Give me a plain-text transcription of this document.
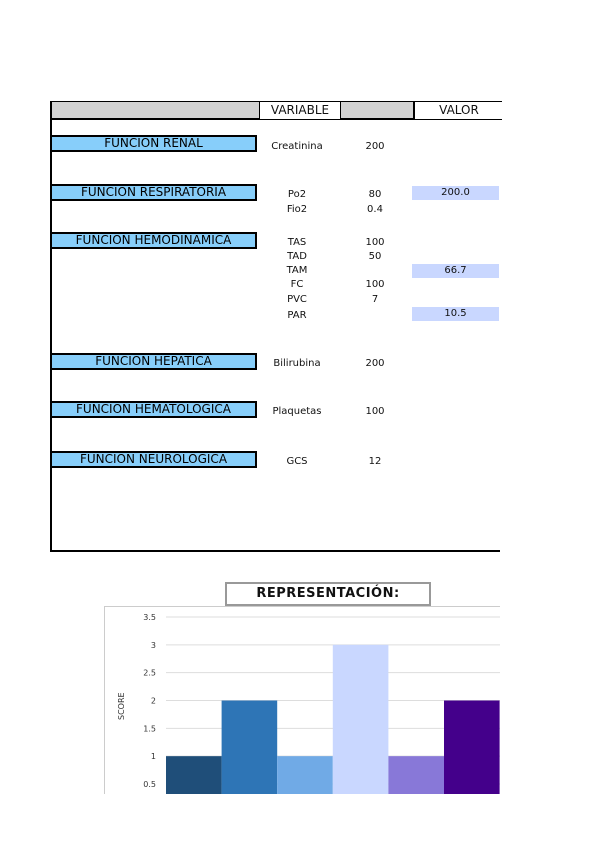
VARIABLE	VALOR
FUNCION RENAL
FUNCION RESPIRATORIA
FUNCION HEMODINÁMICA
FUNCION HEPÁTICA
FUNCION HEMATOLÓGICA
FUNCION NEUROLÓGICA
Creatinina
Po2
Fio2
TAS
TAD
TAM
FC
PVC
PAR
Bilirubina
Plaquetas
GCS
200
80
0.4
100
50
100
7
200
100
12
200.0
66.7
10.5
REPRESENTACIÓN:
0.5
1
1.5
2
2.5
3
3.5
SCORE
